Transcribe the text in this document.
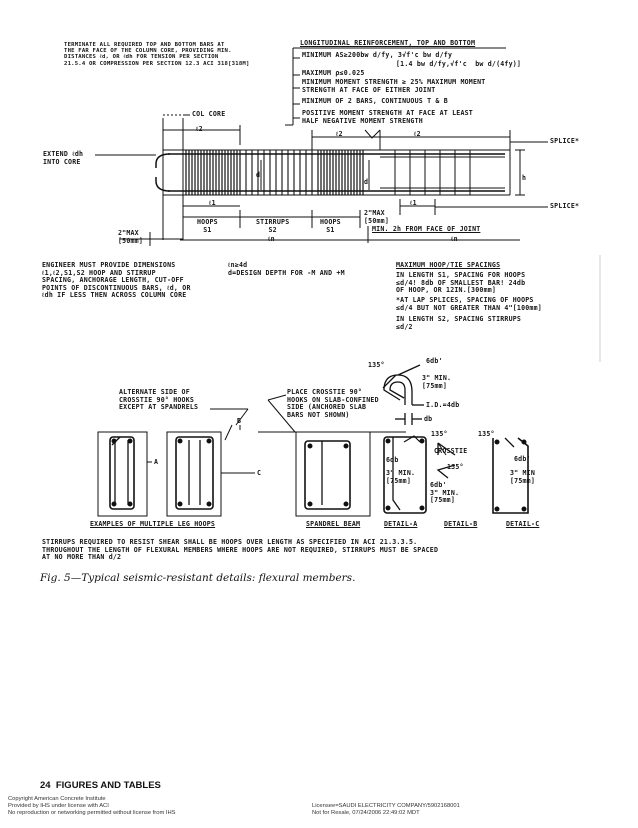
TERMINATE ALL REQUIRED TOP AND BOTTOM BARS AT
THE FAR FACE OF THE COLUMN CORE, PROVIDING MIN.
DISTANCES ℓd, OR ℓdh FOR TENSION PER SECTION
21.5.4 OR COMPRESSION PER SECTION 12.3 ACI 318[318M]
LONGITUDINAL REINFORCEMENT, TOP AND BOTTOM
MINIMUM AS≥200bw d/fy, 3√f'c bw d/fy
[1.4 bw d/fy,√f'c  bw d/(4fy)]
MAXIMUM ρ≤0.025
MINIMUM MOMENT STRENGTH ≥ 25% MAXIMUM MOMENT
STRENGTH AT FACE OF EITHER JOINT
MINIMUM OF 2 BARS, CONTINUOUS T & B
POSITIVE MOMENT STRENGTH AT FACE AT LEAST
HALF NEGATIVE MOMENT STRENGTH
COL CORE
ℓ2
EXTEND ℓdh
INTO CORE
ℓ2	ℓ2
SPLICE*
d
d	h
ℓ1	ℓ1	SPLICE*
2"MAX
[50mm]
HOOPS
S1
STIRRUPS
S2
HOOPS
S1	MIN. 2h FROM FACE OF JOINT
2"MAX
[50mm]	ℓn	ℓn
ENGINEER MUST PROVIDE DIMENSIONS
ℓ1,ℓ2,S1,S2 HOOP AND STIRRUP
SPACING, ANCHORAGE LENGTH, CUT-OFF
POINTS OF DISCONTINUOUS BARS, ℓd, OR
ℓdh IF LESS THEN ACROSS COLUMN CORE
ℓn≥4d
d=DESIGN DEPTH FOR -M AND +M
MAXIMUM HOOP/TIE SPACINGS
IN LENGTH S1, SPACING FOR HOOPS
≤d/4! 8db OF SMALLEST BAR! 24db
OF HOOP, OR 12IN.[300mm]
*AT LAP SPLICES, SPACING OF HOOPS
≤d/4 BUT NOT GREATER THAN 4"[100mm]
IN LENGTH S2, SPACING STIRRUPS
≤d/2
135°	6db'
3" MIN.
[75mm]
I.D.=4db
db
ALTERNATE SIDE OF
CROSSTIE 90° HOOKS
EXCEPT AT SPANDRELS
PLACE CROSSTIE 90°
HOOKS ON SLAB-CONFINED
SIDE (ANCHORED SLAB
BARS NOT SHOWN)
A
B
C
135°	135°
CROSSTIE
6db
135°
3" MIN.
[75mm]
6db'
3" MIN
[75mm]
6db'
3" MIN.
[75mm]
EXAMPLES OF MULTIPLE LEG HOOPS	SPANDREL BEAM	DETAIL-A	DETAIL-B	DETAIL-C
STIRRUPS REQUIRED TO RESIST SHEAR SHALL BE HOOPS OVER LENGTH AS SPECIFIED IN ACI 21.3.3.5.
THROUGHOUT THE LENGTH OF FLEXURAL MEMBERS WHERE HOOPS ARE NOT REQUIRED, STIRRUPS MUST BE SPACED
AT NO MORE THAN d/2
Fig. 5—Typical seismic-resistant details: flexural members.
24 FIGURES AND TABLES
Copyright American Concrete Institute
Provided by IHS under license with ACI
No reproduction or networking permitted without license from IHS
Licensee=SAUDI ELECTRICITY COMPANY/5902168001
Not for Resale, 07/24/2006 22:49:02 MDT
